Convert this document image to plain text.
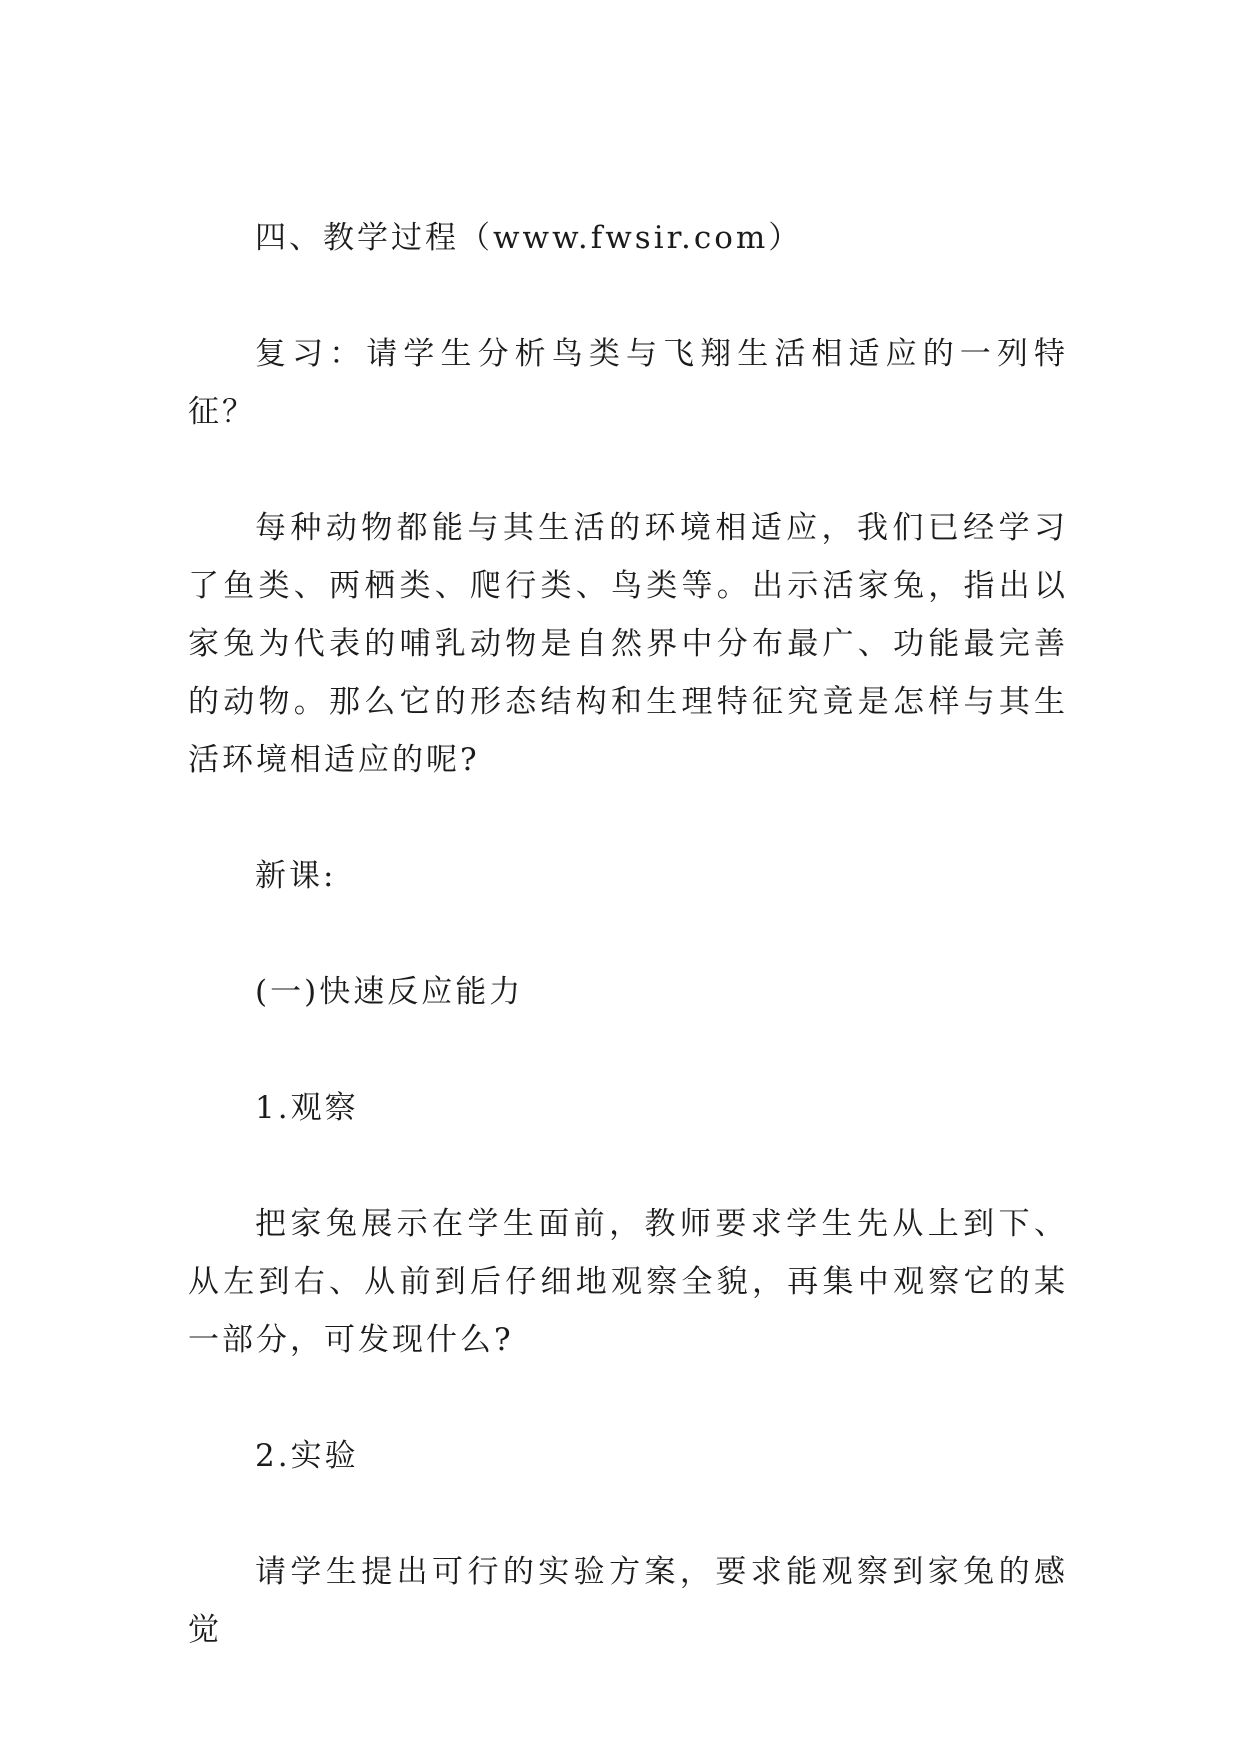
四、教学过程（www.fwsir.com）

复习：请学生分析鸟类与飞翔生活相适应的一列特征？

每种动物都能与其生活的环境相适应，我们已经学习了鱼类、两栖类、爬行类、鸟类等。出示活家兔，指出以家兔为代表的哺乳动物是自然界中分布最广、功能最完善的动物。那么它的形态结构和生理特征究竟是怎样与其生活环境相适应的呢?

新课:

(一)快速反应能力

1.观察

把家兔展示在学生面前，教师要求学生先从上到下、从左到右、从前到后仔细地观察全貌，再集中观察它的某一部分，可发现什么?

2.实验

请学生提出可行的实验方案，要求能观察到家兔的感觉
